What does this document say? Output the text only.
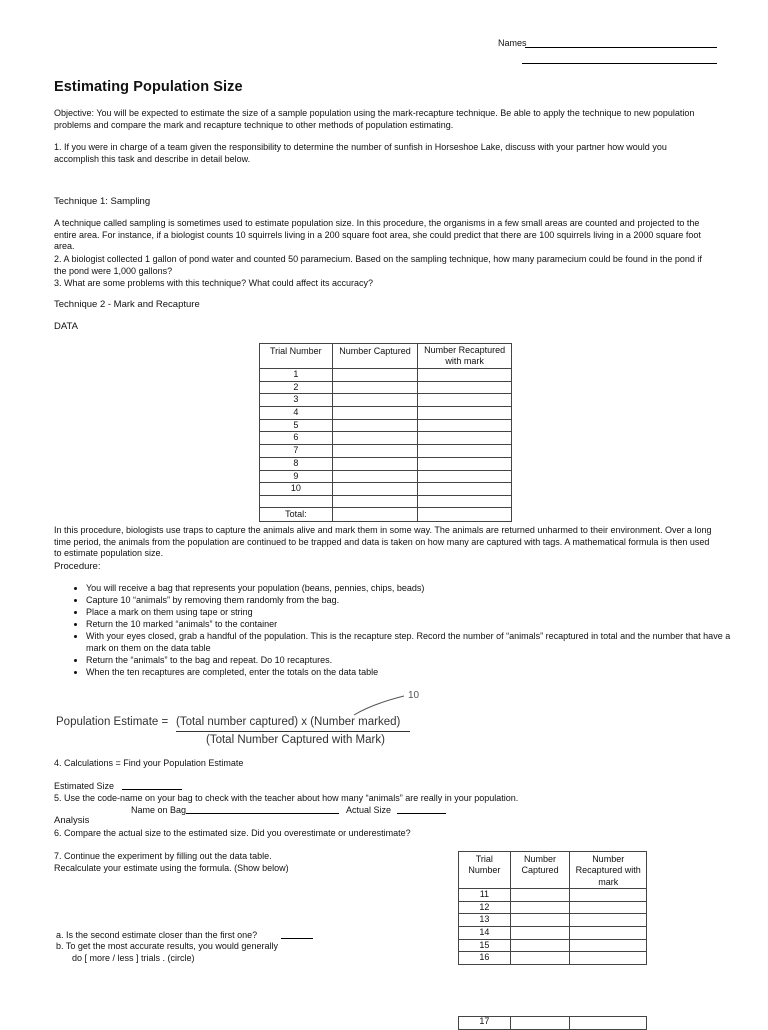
Names
Estimating Population Size

Objective: You will be expected to estimate the size of a sample population using the mark-recapture technique. Be able to apply the technique to new population problems and compare the mark and recapture technique to other methods of population estimating.

1. If you were in charge of a team given the responsibility to determine the number of sunfish in Horseshoe Lake, discuss with your partner how would you accomplish this task and describe in detail below.

Technique 1: Sampling

A technique called sampling is sometimes used to estimate population size. In this procedure, the organisms in a few small areas are counted and projected to the entire area. For instance, if a biologist counts 10 squirrels living in a 200 square foot area, she could predict that there are 100 squirrels living in a 2000 square foot area.

2. A biologist collected 1 gallon of pond water and counted 50 paramecium. Based on the sampling technique, how many paramecium could be found in the pond if the pond were 1,000 gallons?

3. What are some problems with this technique? What could affect its accuracy?

Technique 2 - Mark and Recapture

DATA

Trial Number	Number Captured	Number Recaptured with mark
1		
2		
3		
4		
5		
6		
7		
8		
9		
10		

Total:		

In this procedure, biologists use traps to capture the animals alive and mark them in some way. The animals are returned unharmed to their environment. Over a long time period, the animals from the population are continued to be trapped and data is taken on how many are captured with tags. A mathematical formula is then used to estimate population size.

Procedure:

• You will receive a bag that represents your population (beans, pennies, chips, beads)
• Capture 10 “animals” by removing them randomly from the bag.
• Place a mark on them using tape or string
• Return the 10 marked “animals” to the container
• With your eyes closed, grab a handful of the population. This is the recapture step. Record the number of “animals” recaptured in total and the number that have a mark on them on the data table
• Return the “animals” to the bag and repeat. Do 10 recaptures.
• When the ten recaptures are completed, enter the totals on the data table
Population Estimate = (Total number captured) x (Number marked)
(Total Number Captured with Mark)
10

4. Calculations = Find your Population Estimate

Estimated Size

5. Use the code-name on your bag to check with the teacher about how many “animals” are really in your population.

Name on Bag	Actual Size

Analysis

6. Compare the actual size to the estimated size. Did you overestimate or underestimate?

7. Continue the experiment by filling out the data table.

Recalculate your estimate using the formula. (Show below)

a. Is the second estimate closer than the first one?

b. To get the most accurate results, you would generally

do [ more / less ] trials . (circle)

Trial Number	Number Captured	Number Recaptured with mark
11		
12		
13		
14		
15		
16		
17		
